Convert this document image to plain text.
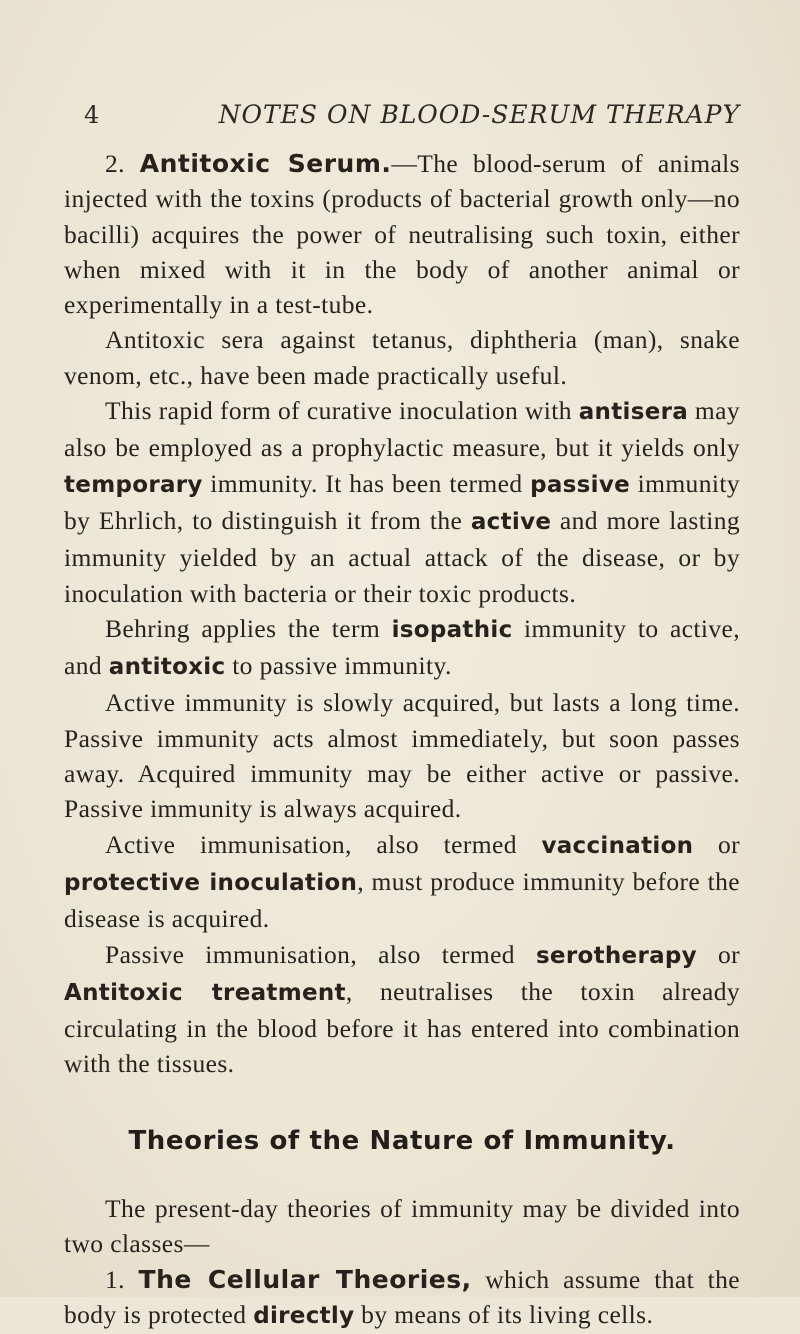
4	NOTES ON BLOOD-SERUM THERAPY

2. Antitoxic Serum.—The blood-serum of animals injected with the toxins (products of bacterial growth only—no bacilli) acquires the power of neutralising such toxin, either when mixed with it in the body of another animal or experimentally in a test-tube.

Antitoxic sera against tetanus, diphtheria (man), snake venom, etc., have been made practically useful.

This rapid form of curative inoculation with antisera may also be employed as a prophylactic measure, but it yields only temporary immunity. It has been termed passive immunity by Ehrlich, to distinguish it from the active and more lasting immunity yielded by an actual attack of the disease, or by inoculation with bacteria or their toxic products.

Behring applies the term isopathic immunity to active, and antitoxic to passive immunity.

Active immunity is slowly acquired, but lasts a long time. Passive immunity acts almost immediately, but soon passes away. Acquired immunity may be either active or passive. Passive immunity is always acquired.

Active immunisation, also termed vaccination or protective inoculation, must produce immunity before the disease is acquired.

Passive immunisation, also termed serotherapy or Antitoxic treatment, neutralises the toxin already circulating in the blood before it has entered into combination with the tissues.

Theories of the Nature of Immunity.

The present-day theories of immunity may be divided into two classes—

1. The Cellular Theories, which assume that the body is protected directly by means of its living cells.
